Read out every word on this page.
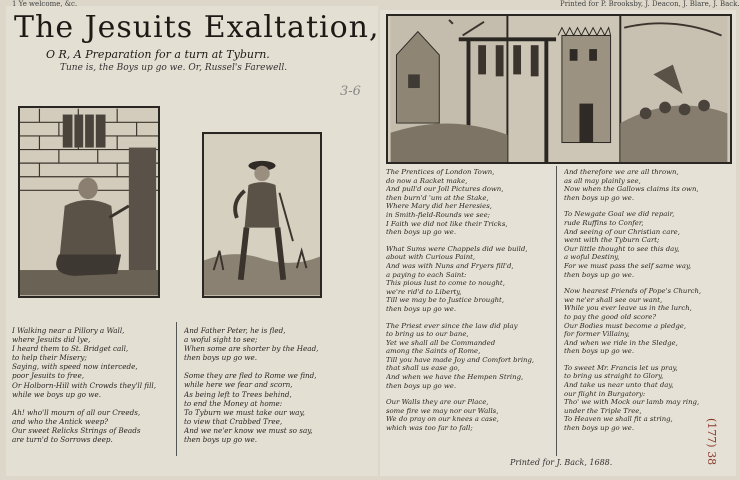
1 Ye welcome, &c.	Printed for P. Brooksby, J. Deacon, J. Blare, J. Back.
The Jesuits Exaltation,
O R, A Preparation for a turn at Tyburn.
Tune is, the Boys up go we. Or, Russel's Farewell.
3-6
I Walking near a Pillory a Wall,
where Jesuits did lye,
I heard them to St. Bridget call,
to help their Misery;
Saying, with speed now intercede,
poor Jesuits to free,
Or Holborn-Hill with Crowds they'll fill,
while we boys up go we.
Ah! who'll mourn of all our Creeds,
and who the Antick weep?
Our sweet Relicks Strings of Beads
are turn'd to Sorrows deep.
And Father Peter, he is fled,
a woful sight to see;
When some are shorter by the Head,
then boys up go we.
Some they are fled to Rome we find,
while here we fear and scorn,
As being left to Trees behind,
to end the Money at home:
To Tyburn we must take our way,
to view that Crabbed Tree,
And we ne'er know we must so say,
then boys up go we.
The Prentices of London Town,
do now a Racket make,
And pull'd our Joll Pictures down,
then burn'd 'um at the Stake,
Where Mary did her Heresies,
in Smith-field-Rounds we see;
I Faith we did not like their Tricks,
then boys up go we.
What Sums were Chappels did we build,
about with Curious Paint,
And was with Nuns and Fryers fill'd,
a paying to each Saint:
This pious lust to come to nought,
we're rid'd to Liberty,
Till we may be to Justice brought,
then boys up go we.
The Priest ever since the law did play
to bring us to our bane,
Yet we shall all be Commanded
among the Saints of Rome,
Till you have made Joy and Comfort bring,
that shall us ease go,
And when we have the Hempen String,
then boys up go we.
Our Walls they are our Place,
some fire we may nor our Walls,
We do pray on our knees a case,
which was too far to fall;
And therefore we are all thrown,
as all may plainly see,
Now when the Gallows claims its own,
then boys up go we.
To Newgate Goal we did repair,
rude Ruffins to Confer,
And seeing of our Christian care,
went with the Tyburn Cart;
Our little thought to see this day,
a woful Destiny,
For we must pass the self same way,
then boys up go we.
Now hearest Friends of Pope's Church,
we ne'er shall see our want,
While you ever leave us in the lurch,
to pay the good old score?
Our Bodies must become a pledge,
for former Villainy,
And when we ride in the Sledge,
then boys up go we.
To sweet Mr. Francis let us pray,
to bring us straight to Glory,
And take us near unto that day,
our flight in Burgatory:
Tho' we with Mock our lamb may ring,
under the Triple Tree,
To Heaven we shall fit a string,
then boys up go we.
Printed for J. Back, 1688.	(177) 38
